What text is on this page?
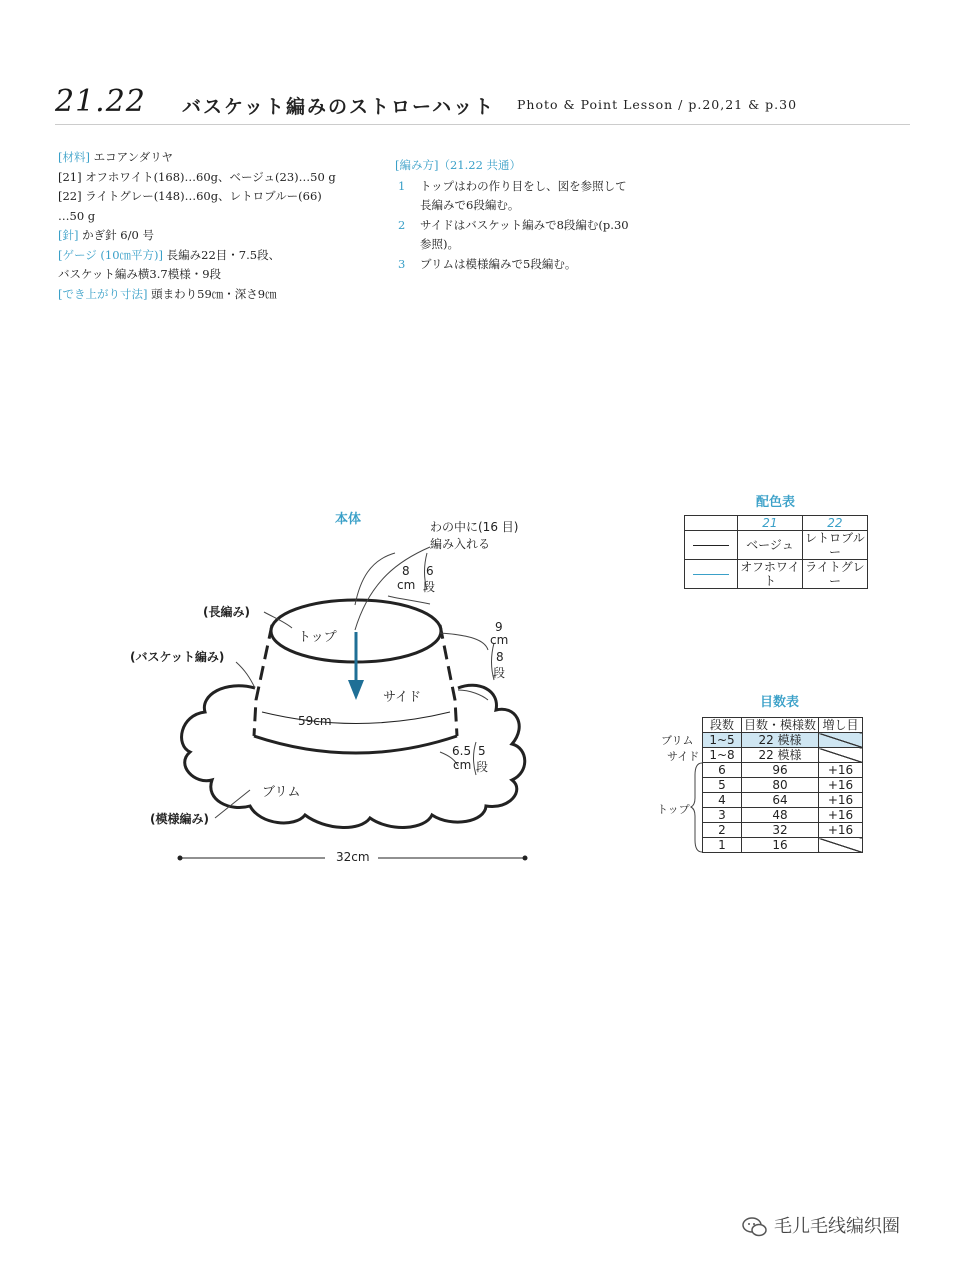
21.22 バスケット編みのストローハット Photo & Point Lesson / p.20,21 & p.30
[材料] エコアンダリヤ
[21] オフホワイト(168)…60g、ベージュ(23)…50 g
[22] ライトグレー(148)…60g、レトロブルー(66)
…50 g
[針] かぎ針 6/0 号
[ゲージ (10㎝平方)] 長編み22目・7.5段、
バスケット編み横3.7模様・9段
[でき上がり寸法] 頭まわり59㎝・深さ9㎝
[編み方]（21.22 共通）
1 トップはわの作り目をし、図を参照して
長編みで6段編む。
2 サイドはバスケット編みで8段編む(p.30
参照)。
3 ブリムは模様編みで5段編む。
本体	わの中に(16 目)
編み入れる
8
cm
6
段
9
cm
8
段
6.5
cm
5
段
トップ
サイド
ブリム
(長編み)
(バスケット編み)
(模様編み)
59cm
32cm
配色表
	21	22

	ベージュ	レトロブルー

	オフホワイト	ライトグレー
目数表
段数	目数・模様数	増し目
1~5	22 模様	
1~8	22 模様	
6	96	+16
5	80	+16
4	64	+16
3	48	+16
2	32	+16
1	16	
ブリム
サイド
トップ
毛儿毛线编织圈
